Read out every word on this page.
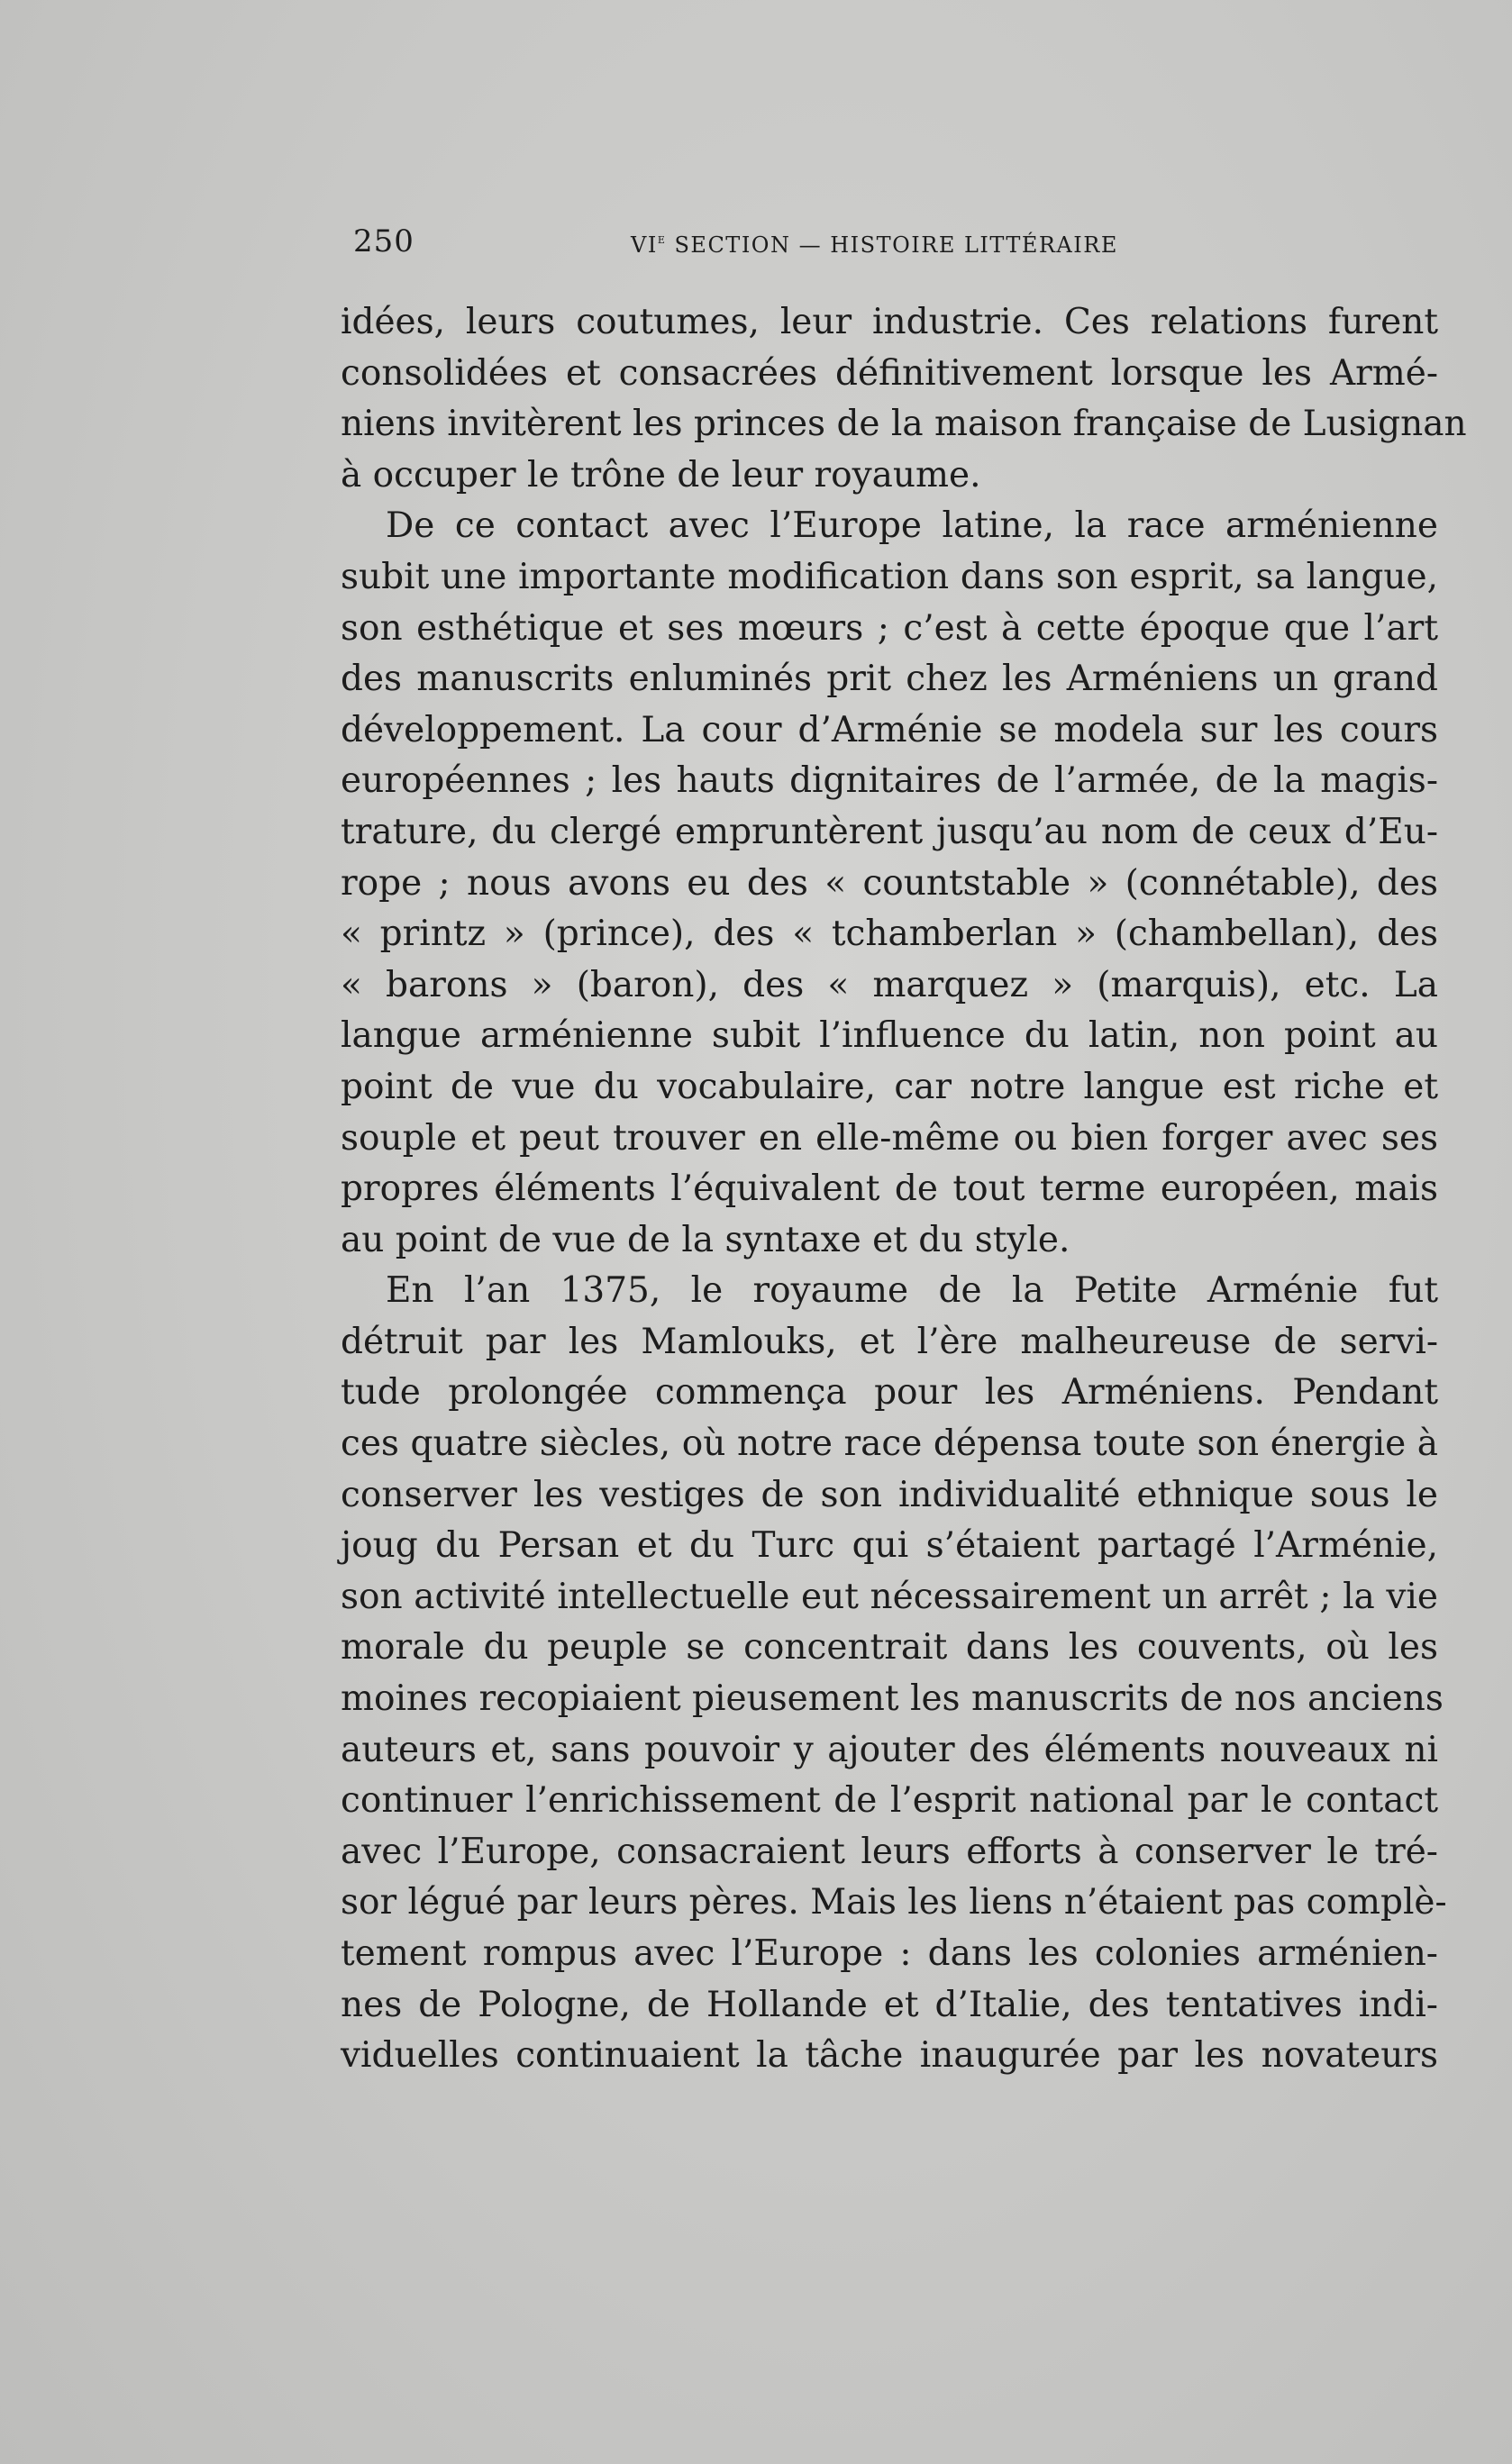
250	VIe SECTION — HISTOIRE LITTÉRAIRE
idées, leurs coutumes, leur industrie. Ces relations furent
consolidées et consacrées définitivement lorsque les Armé-
niens invitèrent les princes de la maison française de Lusignan
à occuper le trône de leur royaume.
De ce contact avec l’Europe latine, la race arménienne
subit une importante modification dans son esprit, sa langue,
son esthétique et ses mœurs ; c’est à cette époque que l’art
des manuscrits enluminés prit chez les Arméniens un grand
développement. La cour d’Arménie se modela sur les cours
européennes ; les hauts dignitaires de l’armée, de la magis-
trature, du clergé empruntèrent jusqu’au nom de ceux d’Eu-
rope ; nous avons eu des « countstable » (connétable), des
« printz » (prince), des « tchamberlan » (chambellan), des
« barons » (baron), des « marquez » (marquis), etc. La
langue arménienne subit l’influence du latin, non point au
point de vue du vocabulaire, car notre langue est riche et
souple et peut trouver en elle-même ou bien forger avec ses
propres éléments l’équivalent de tout terme européen, mais
au point de vue de la syntaxe et du style.
En l’an 1375, le royaume de la Petite Arménie fut
détruit par les Mamlouks, et l’ère malheureuse de servi-
tude prolongée commença pour les Arméniens. Pendant
ces quatre siècles, où notre race dépensa toute son énergie à
conserver les vestiges de son individualité ethnique sous le
joug du Persan et du Turc qui s’étaient partagé l’Arménie,
son activité intellectuelle eut nécessairement un arrêt ; la vie
morale du peuple se concentrait dans les couvents, où les
moines recopiaient pieusement les manuscrits de nos anciens
auteurs et, sans pouvoir y ajouter des éléments nouveaux ni
continuer l’enrichissement de l’esprit national par le contact
avec l’Europe, consacraient leurs efforts à conserver le tré-
sor légué par leurs pères. Mais les liens n’étaient pas complè-
tement rompus avec l’Europe : dans les colonies arménien-
nes de Pologne, de Hollande et d’Italie, des tentatives indi-
viduelles continuaient la tâche inaugurée par les novateurs
